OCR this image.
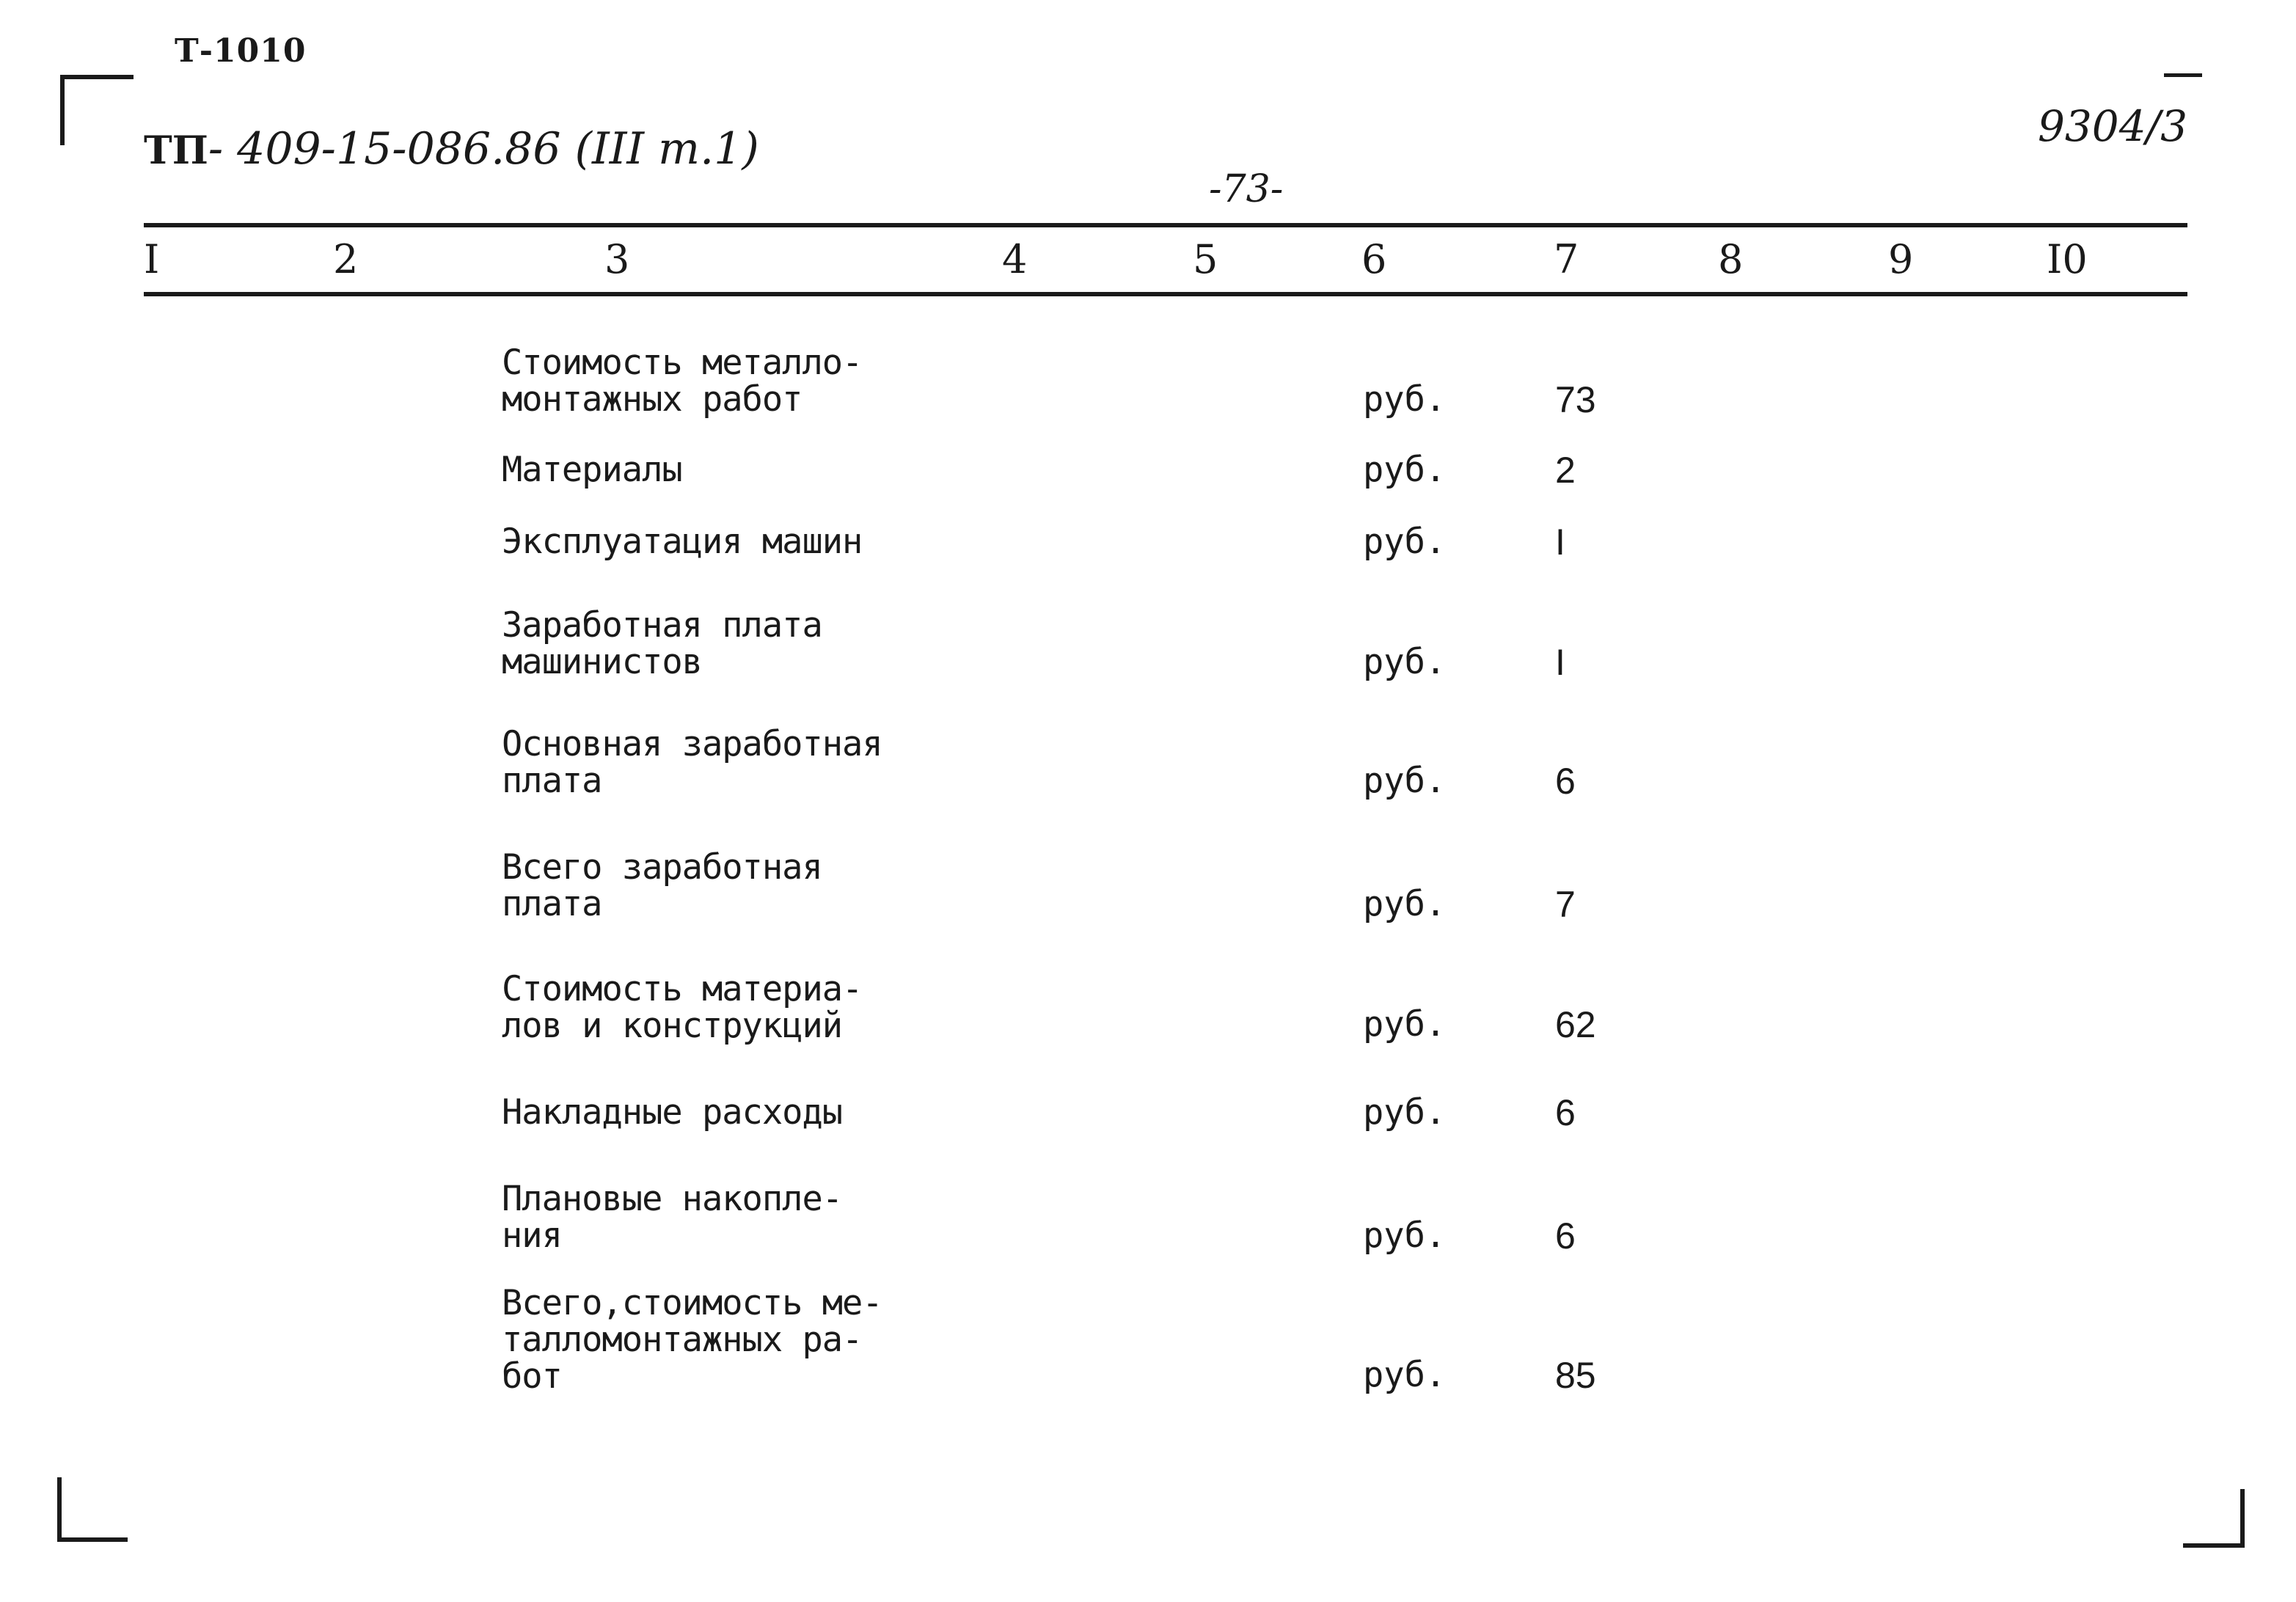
Т-1010
ТП- 409-15-086.86 (III т.1)
-73-
9304/3
I	2	3	4	5	6	7	8	9	I0
Стоимость металло-
монтажных работ	руб.	73
Материалы	руб.	2
Эксплуатация машин	руб.	I
Заработная плата
машинистов	руб.	I
Основная заработная
плата	руб.	6
Всего заработная
плата	руб.	7
Стоимость материа-
лов и конструкций	руб.	62
Накладные расходы	руб.	6
Плановые накопле-
ния	руб.	6
Всего,стоимость ме-
талломонтажных ра-
бот	руб.	85
